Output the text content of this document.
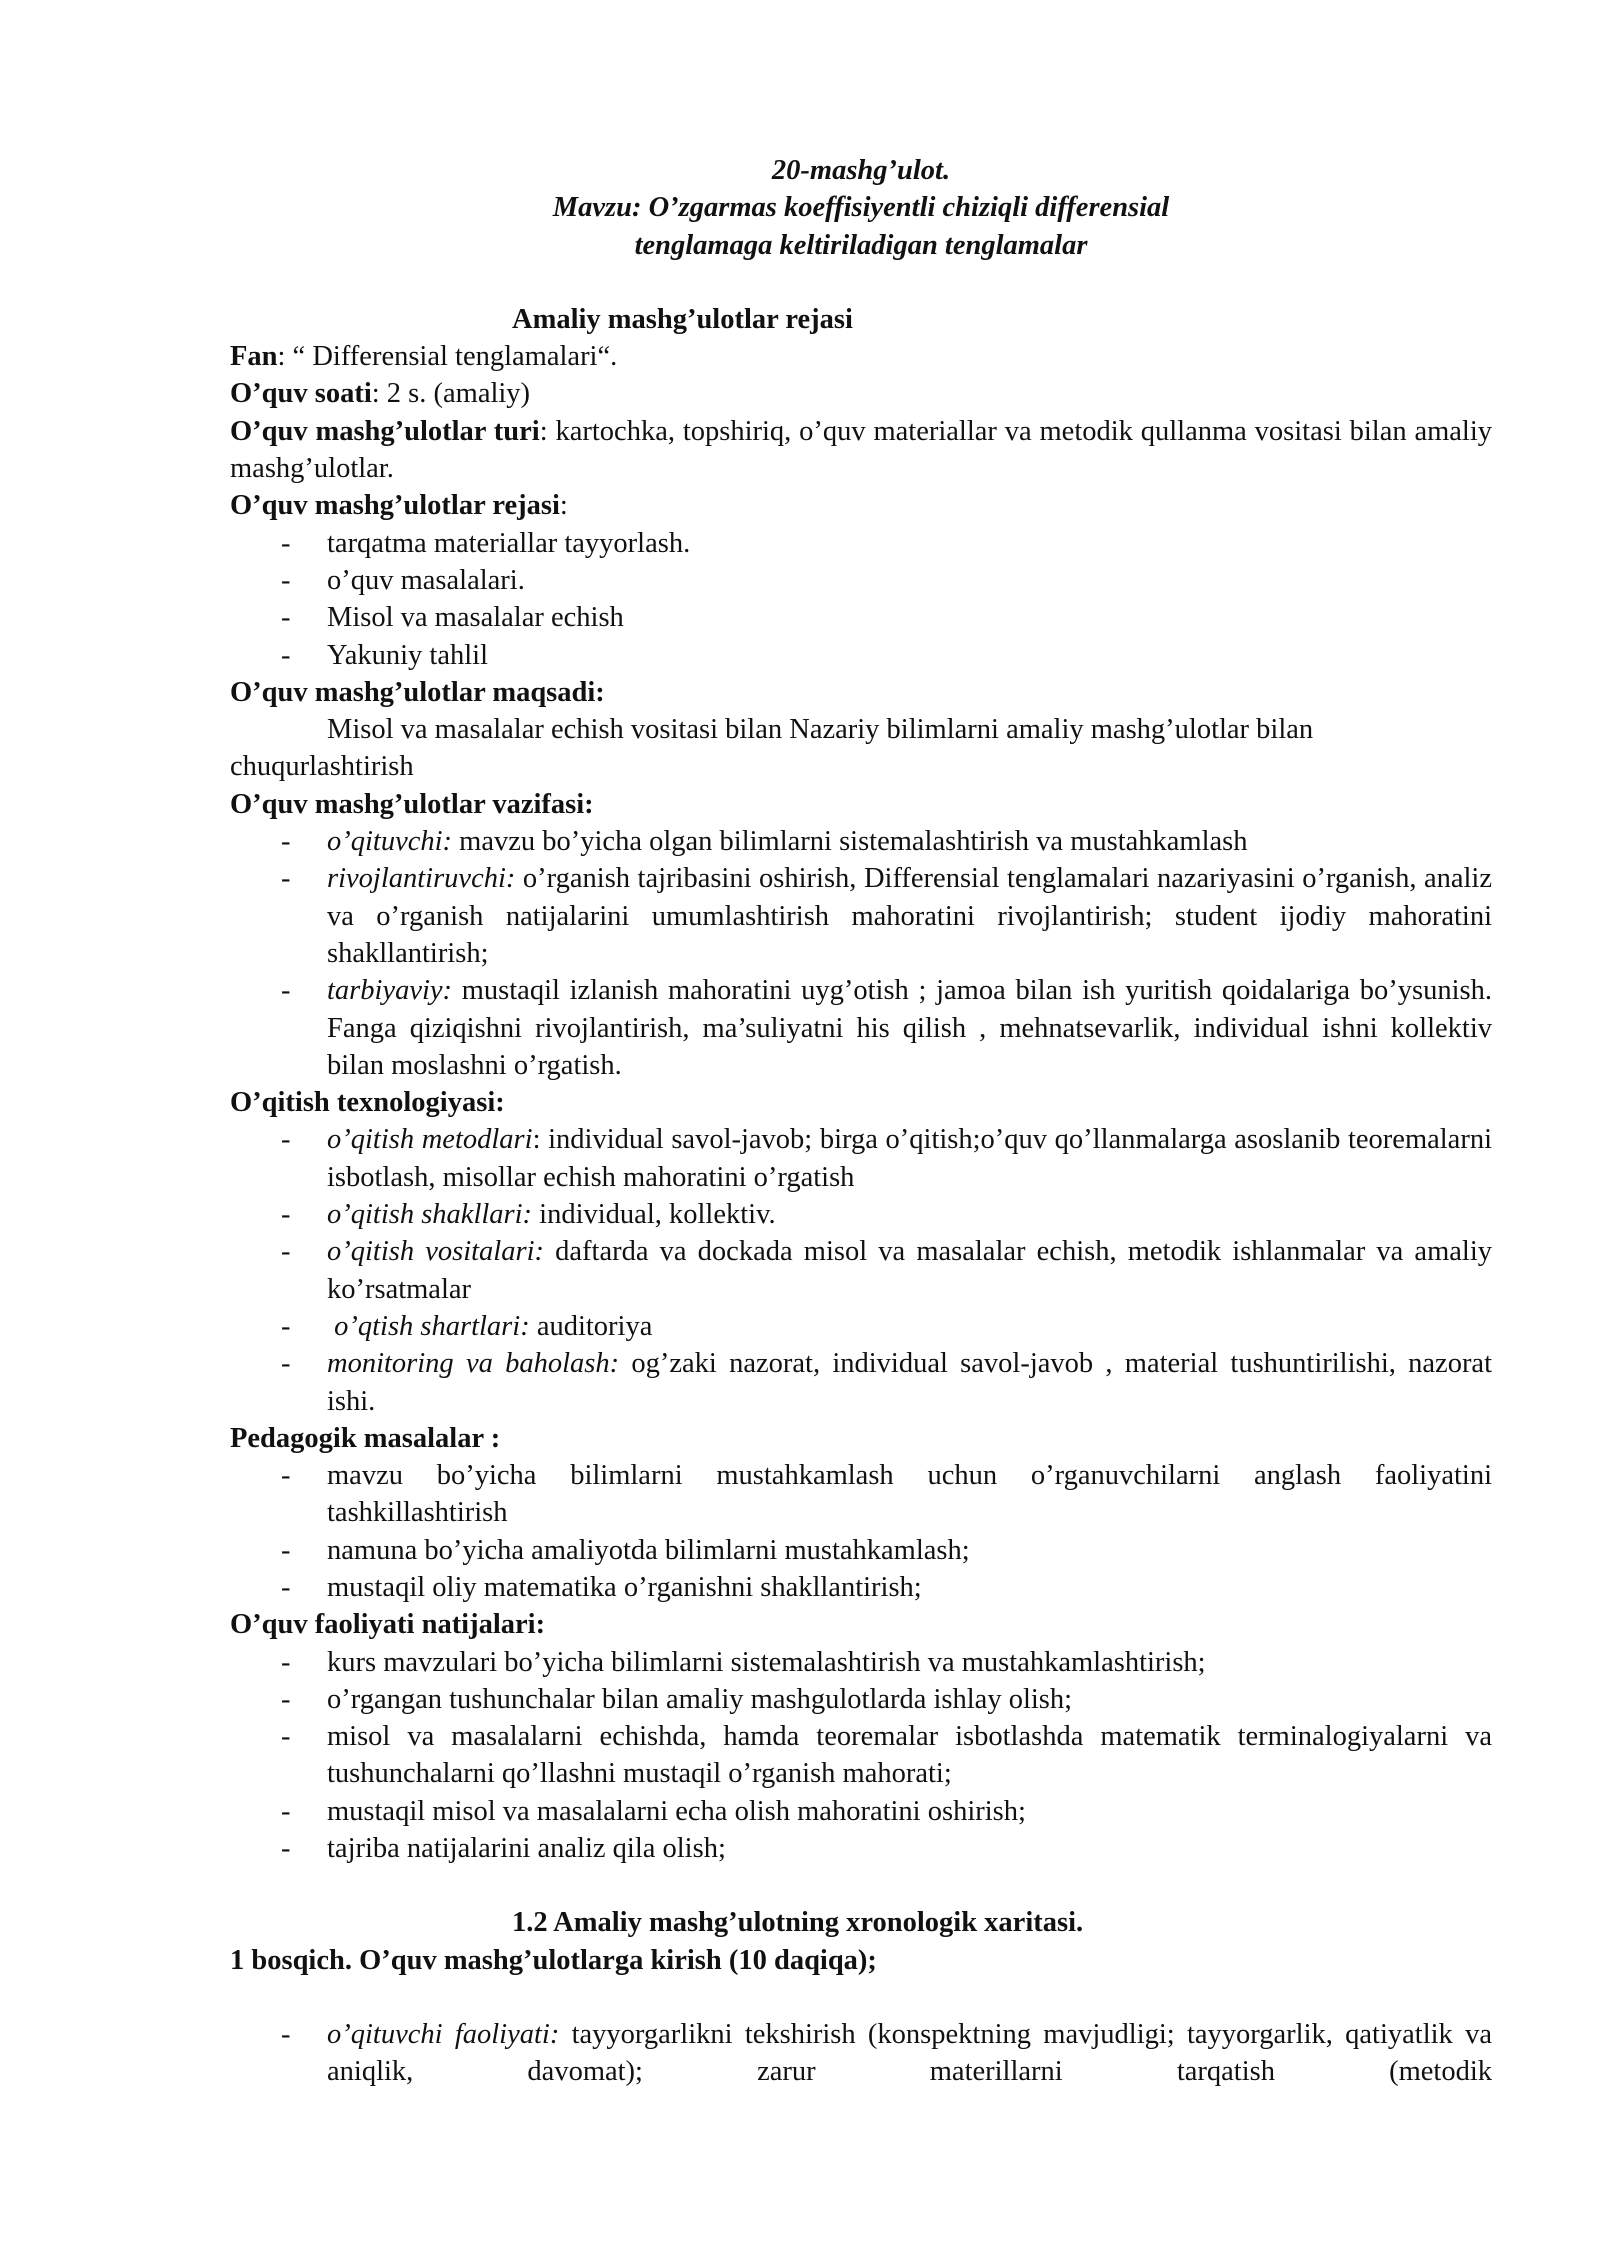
20-mashg’ulot.

Mavzu: O’zgarmas koeffisiyentli chiziqli differensial

tenglamaga keltiriladigan tenglamalar

Amaliy mashg’ulotlar rejasi

Fan: “ Differensial tenglamalari“.

O’quv soati: 2 s. (amaliy)

O’quv mashg’ulotlar turi: kartochka, topshiriq, o’quv materiallar va metodik qullanma vositasi bilan amaliy mashg’ulotlar.

O’quv mashg’ulotlar rejasi:

- tarqatma materiallar tayyorlash.
- o’quv masalalari.
- Misol va masalalar echish
- Yakuniy tahlil

O’quv mashg’ulotlar maqsadi:

Misol va masalalar echish vositasi bilan Nazariy bilimlarni amaliy mashg’ulotlar bilan chuqurlashtirish

O’quv mashg’ulotlar vazifasi:

- o’qituvchi: mavzu bo’yicha olgan bilimlarni sistemalashtirish va mustahkamlash
- rivojlantiruvchi: o’rganish tajribasini oshirish, Differensial tenglamalari nazariyasini o’rganish, analiz va o’rganish natijalarini umumlashtirish mahoratini rivojlantirish; student ijodiy mahoratini shakllantirish;
- tarbiyaviy: mustaqil izlanish mahoratini uyg’otish ; jamoa bilan ish yuritish qoidalariga bo’ysunish. Fanga qiziqishni rivojlantirish, ma’suliyatni his qilish , mehnatsevarlik, individual ishni kollektiv bilan moslashni o’rgatish.

O’qitish texnologiyasi:

- o’qitish metodlari: individual savol-javob; birga o’qitish;o’quv qo’llanmalarga asoslanib teoremalarni isbotlash, misollar echish mahoratini o’rgatish
- o’qitish shakllari: individual, kollektiv.
- o’qitish vositalari: daftarda va dockada misol va masalalar echish, metodik ishlanmalar va amaliy ko’rsatmalar
- o’qtish shartlari: auditoriya
- monitoring va baholash: og’zaki nazorat, individual savol-javob , material tushuntirilishi, nazorat ishi.

Pedagogik masalalar :

- mavzu bo’yicha bilimlarni mustahkamlash uchun o’rganuvchilarni anglash faoliyatini tashkillashtirish
- namuna bo’yicha amaliyotda bilimlarni mustahkamlash;
- mustaqil oliy matematika o’rganishni shakllantirish;

O’quv faoliyati natijalari:

- kurs mavzulari bo’yicha bilimlarni sistemalashtirish va mustahkamlashtirish;
- o’rgangan tushunchalar bilan amaliy mashgulotlarda ishlay olish;
- misol va masalalarni echishda, hamda teoremalar isbotlashda matematik terminalogiyalarni va tushunchalarni qo’llashni mustaqil o’rganish mahorati;
- mustaqil misol va masalalarni echa olish mahoratini oshirish;
- tajriba natijalarini analiz qila olish;

1.2 Amaliy mashg’ulotning xronologik xaritasi.

1 bosqich. O’quv mashg’ulotlarga kirish (10 daqiqa);

- o’qituvchi faoliyati: tayyorgarlikni tekshirish (konspektning mavjudligi; tayyorgarlik, qatiyatlik va aniqlik, davomat); zarur materillarni tarqatish (metodik
